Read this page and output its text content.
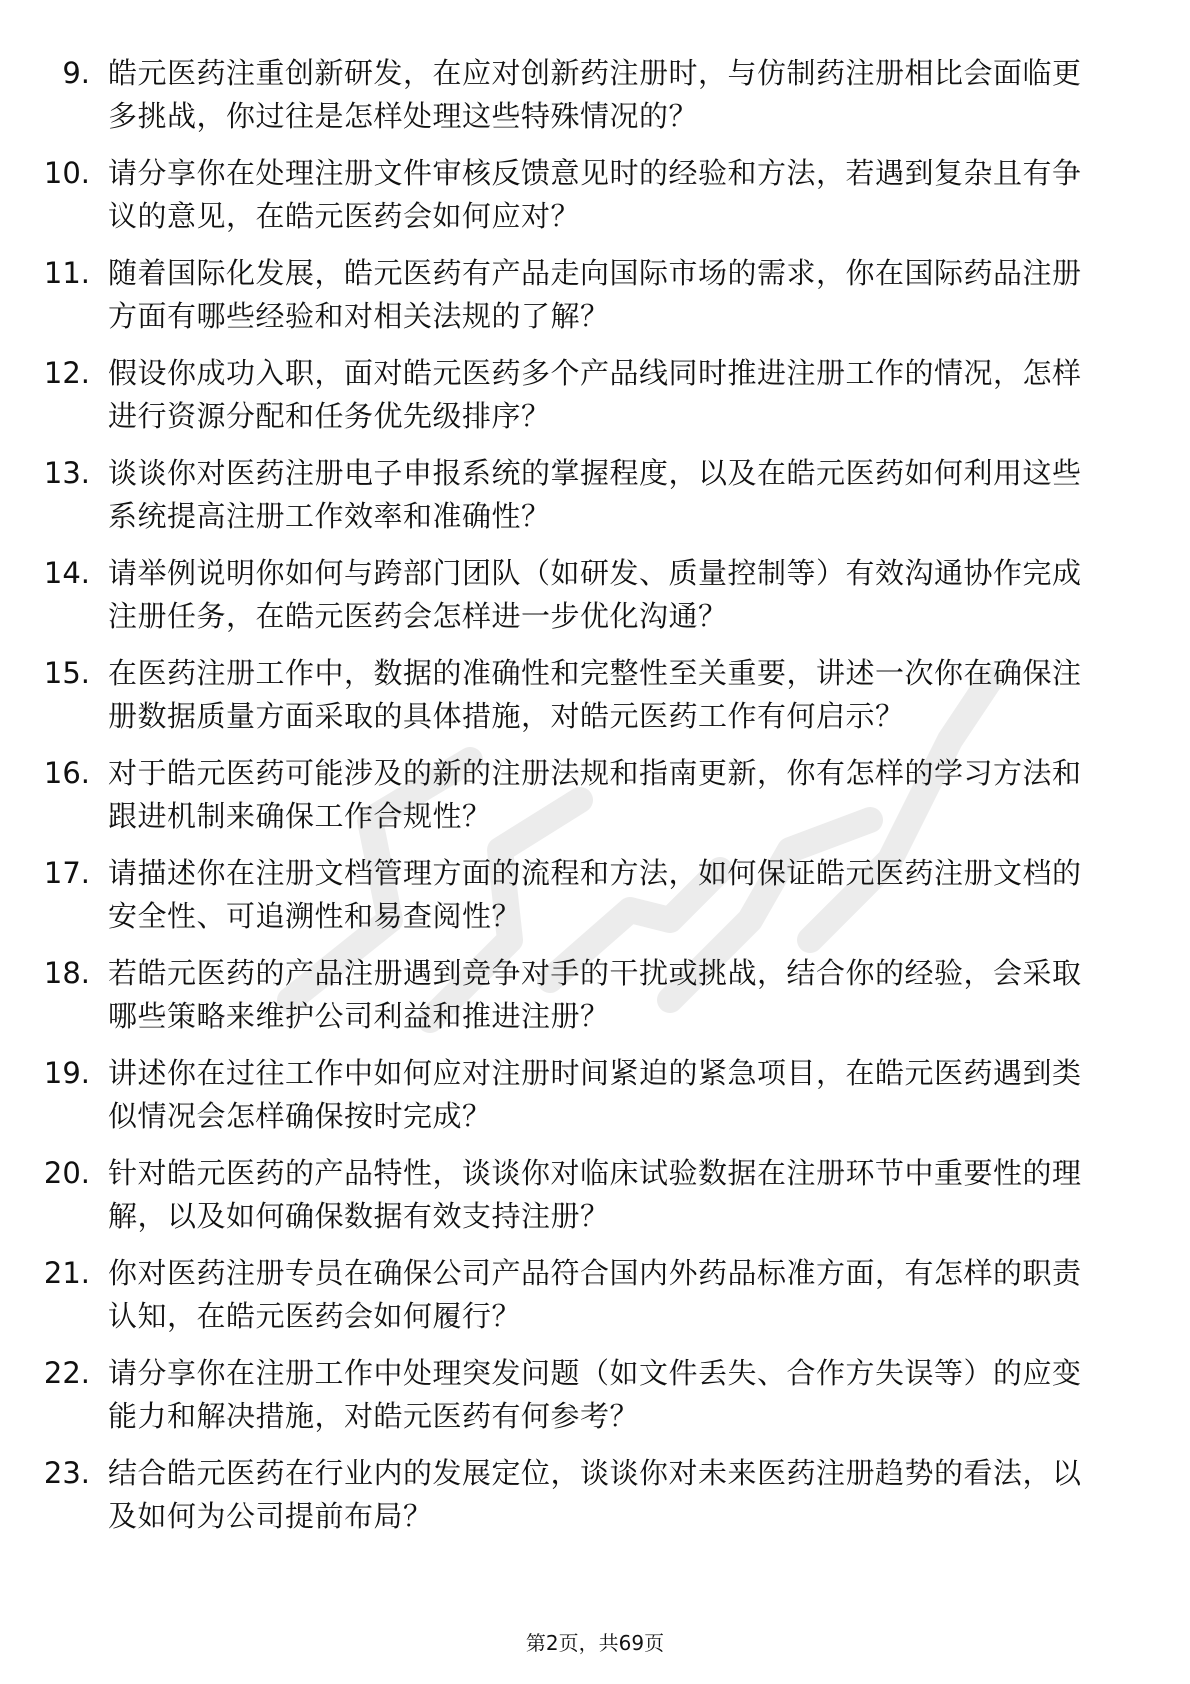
9. 皓元医药注重创新研发，在应对创新药注册时，与仿制药注册相比会面临更多挑战，你过往是怎样处理这些特殊情况的？
10. 请分享你在处理注册文件审核反馈意见时的经验和方法，若遇到复杂且有争议的意见，在皓元医药会如何应对？
11. 随着国际化发展，皓元医药有产品走向国际市场的需求，你在国际药品注册方面有哪些经验和对相关法规的了解？
12. 假设你成功入职，面对皓元医药多个产品线同时推进注册工作的情况，怎样进行资源分配和任务优先级排序？
13. 谈谈你对医药注册电子申报系统的掌握程度，以及在皓元医药如何利用这些系统提高注册工作效率和准确性？
14. 请举例说明你如何与跨部门团队（如研发、质量控制等）有效沟通协作完成注册任务，在皓元医药会怎样进一步优化沟通？
15. 在医药注册工作中，数据的准确性和完整性至关重要，讲述一次你在确保注册数据质量方面采取的具体措施，对皓元医药工作有何启示？
16. 对于皓元医药可能涉及的新的注册法规和指南更新，你有怎样的学习方法和跟进机制来确保工作合规性？
17. 请描述你在注册文档管理方面的流程和方法，如何保证皓元医药注册文档的安全性、可追溯性和易查阅性？
18. 若皓元医药的产品注册遇到竞争对手的干扰或挑战，结合你的经验，会采取哪些策略来维护公司利益和推进注册？
19. 讲述你在过往工作中如何应对注册时间紧迫的紧急项目，在皓元医药遇到类似情况会怎样确保按时完成？
20. 针对皓元医药的产品特性，谈谈你对临床试验数据在注册环节中重要性的理解，以及如何确保数据有效支持注册？
21. 你对医药注册专员在确保公司产品符合国内外药品标准方面，有怎样的职责认知，在皓元医药会如何履行？
22. 请分享你在注册工作中处理突发问题（如文件丢失、合作方失误等）的应变能力和解决措施，对皓元医药有何参考？
23. 结合皓元医药在行业内的发展定位，谈谈你对未来医药注册趋势的看法，以及如何为公司提前布局？
第2页，共69页
